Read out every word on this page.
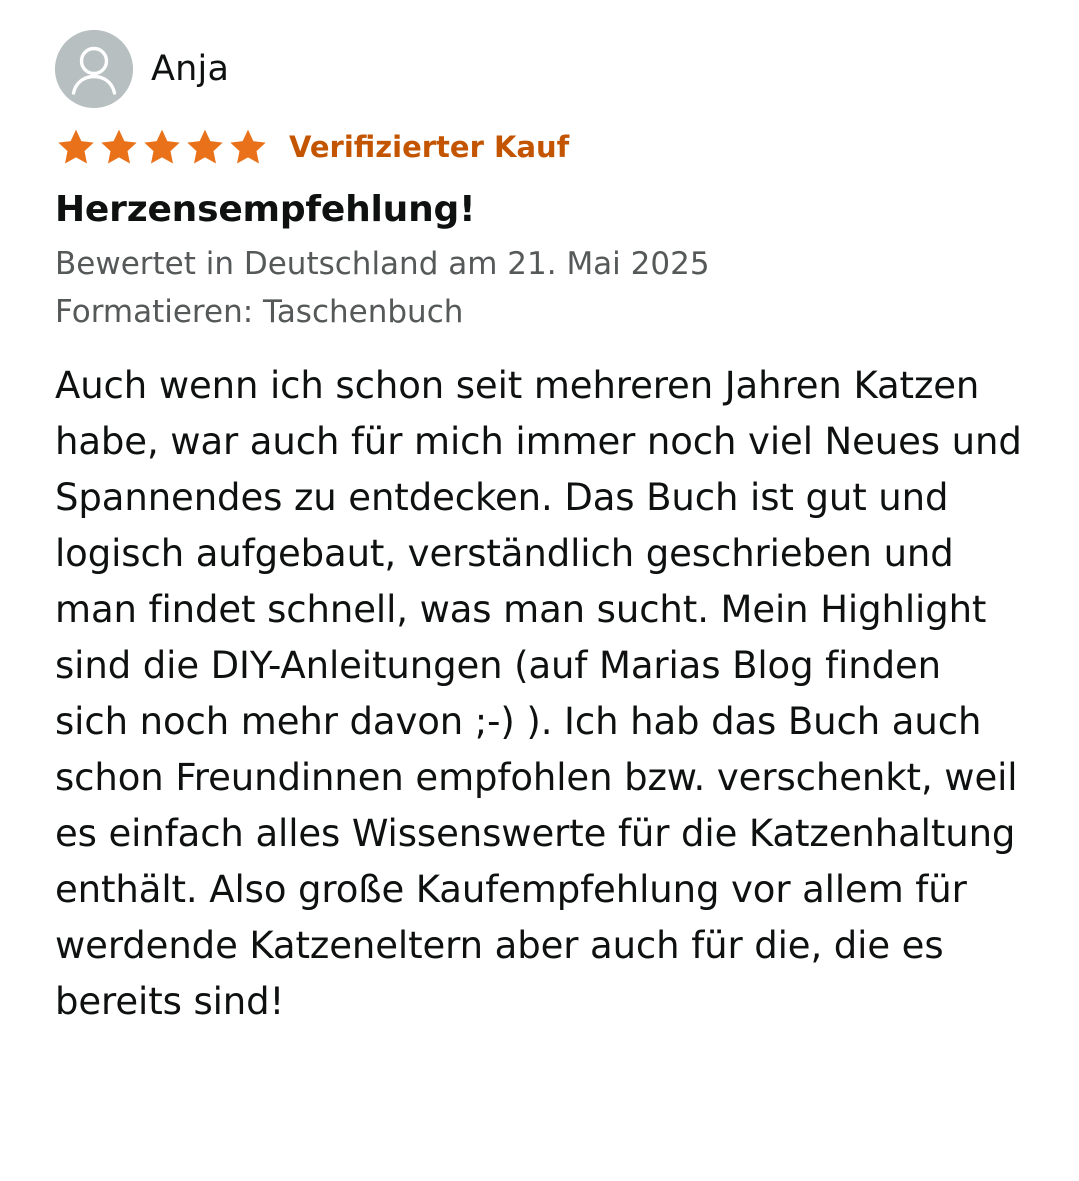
Anja
Verifizierter Kauf
Herzensempfehlung!
Bewertet in Deutschland am 21. Mai 2025
Formatieren: Taschenbuch
Auch wenn ich schon seit mehreren Jahren Katzen habe, war auch für mich immer noch viel Neues und Spannendes zu entdecken. Das Buch ist gut und logisch aufgebaut, verständlich geschrieben und man findet schnell, was man sucht. Mein Highlight sind die DIY-Anleitungen (auf Marias Blog finden sich noch mehr davon ;-) ). Ich hab das Buch auch schon Freundinnen empfohlen bzw. verschenkt, weil es einfach alles Wissenswerte für die Katzenhaltung enthält. Also große Kaufempfehlung vor allem für werdende Katzeneltern aber auch für die, die es bereits sind!
